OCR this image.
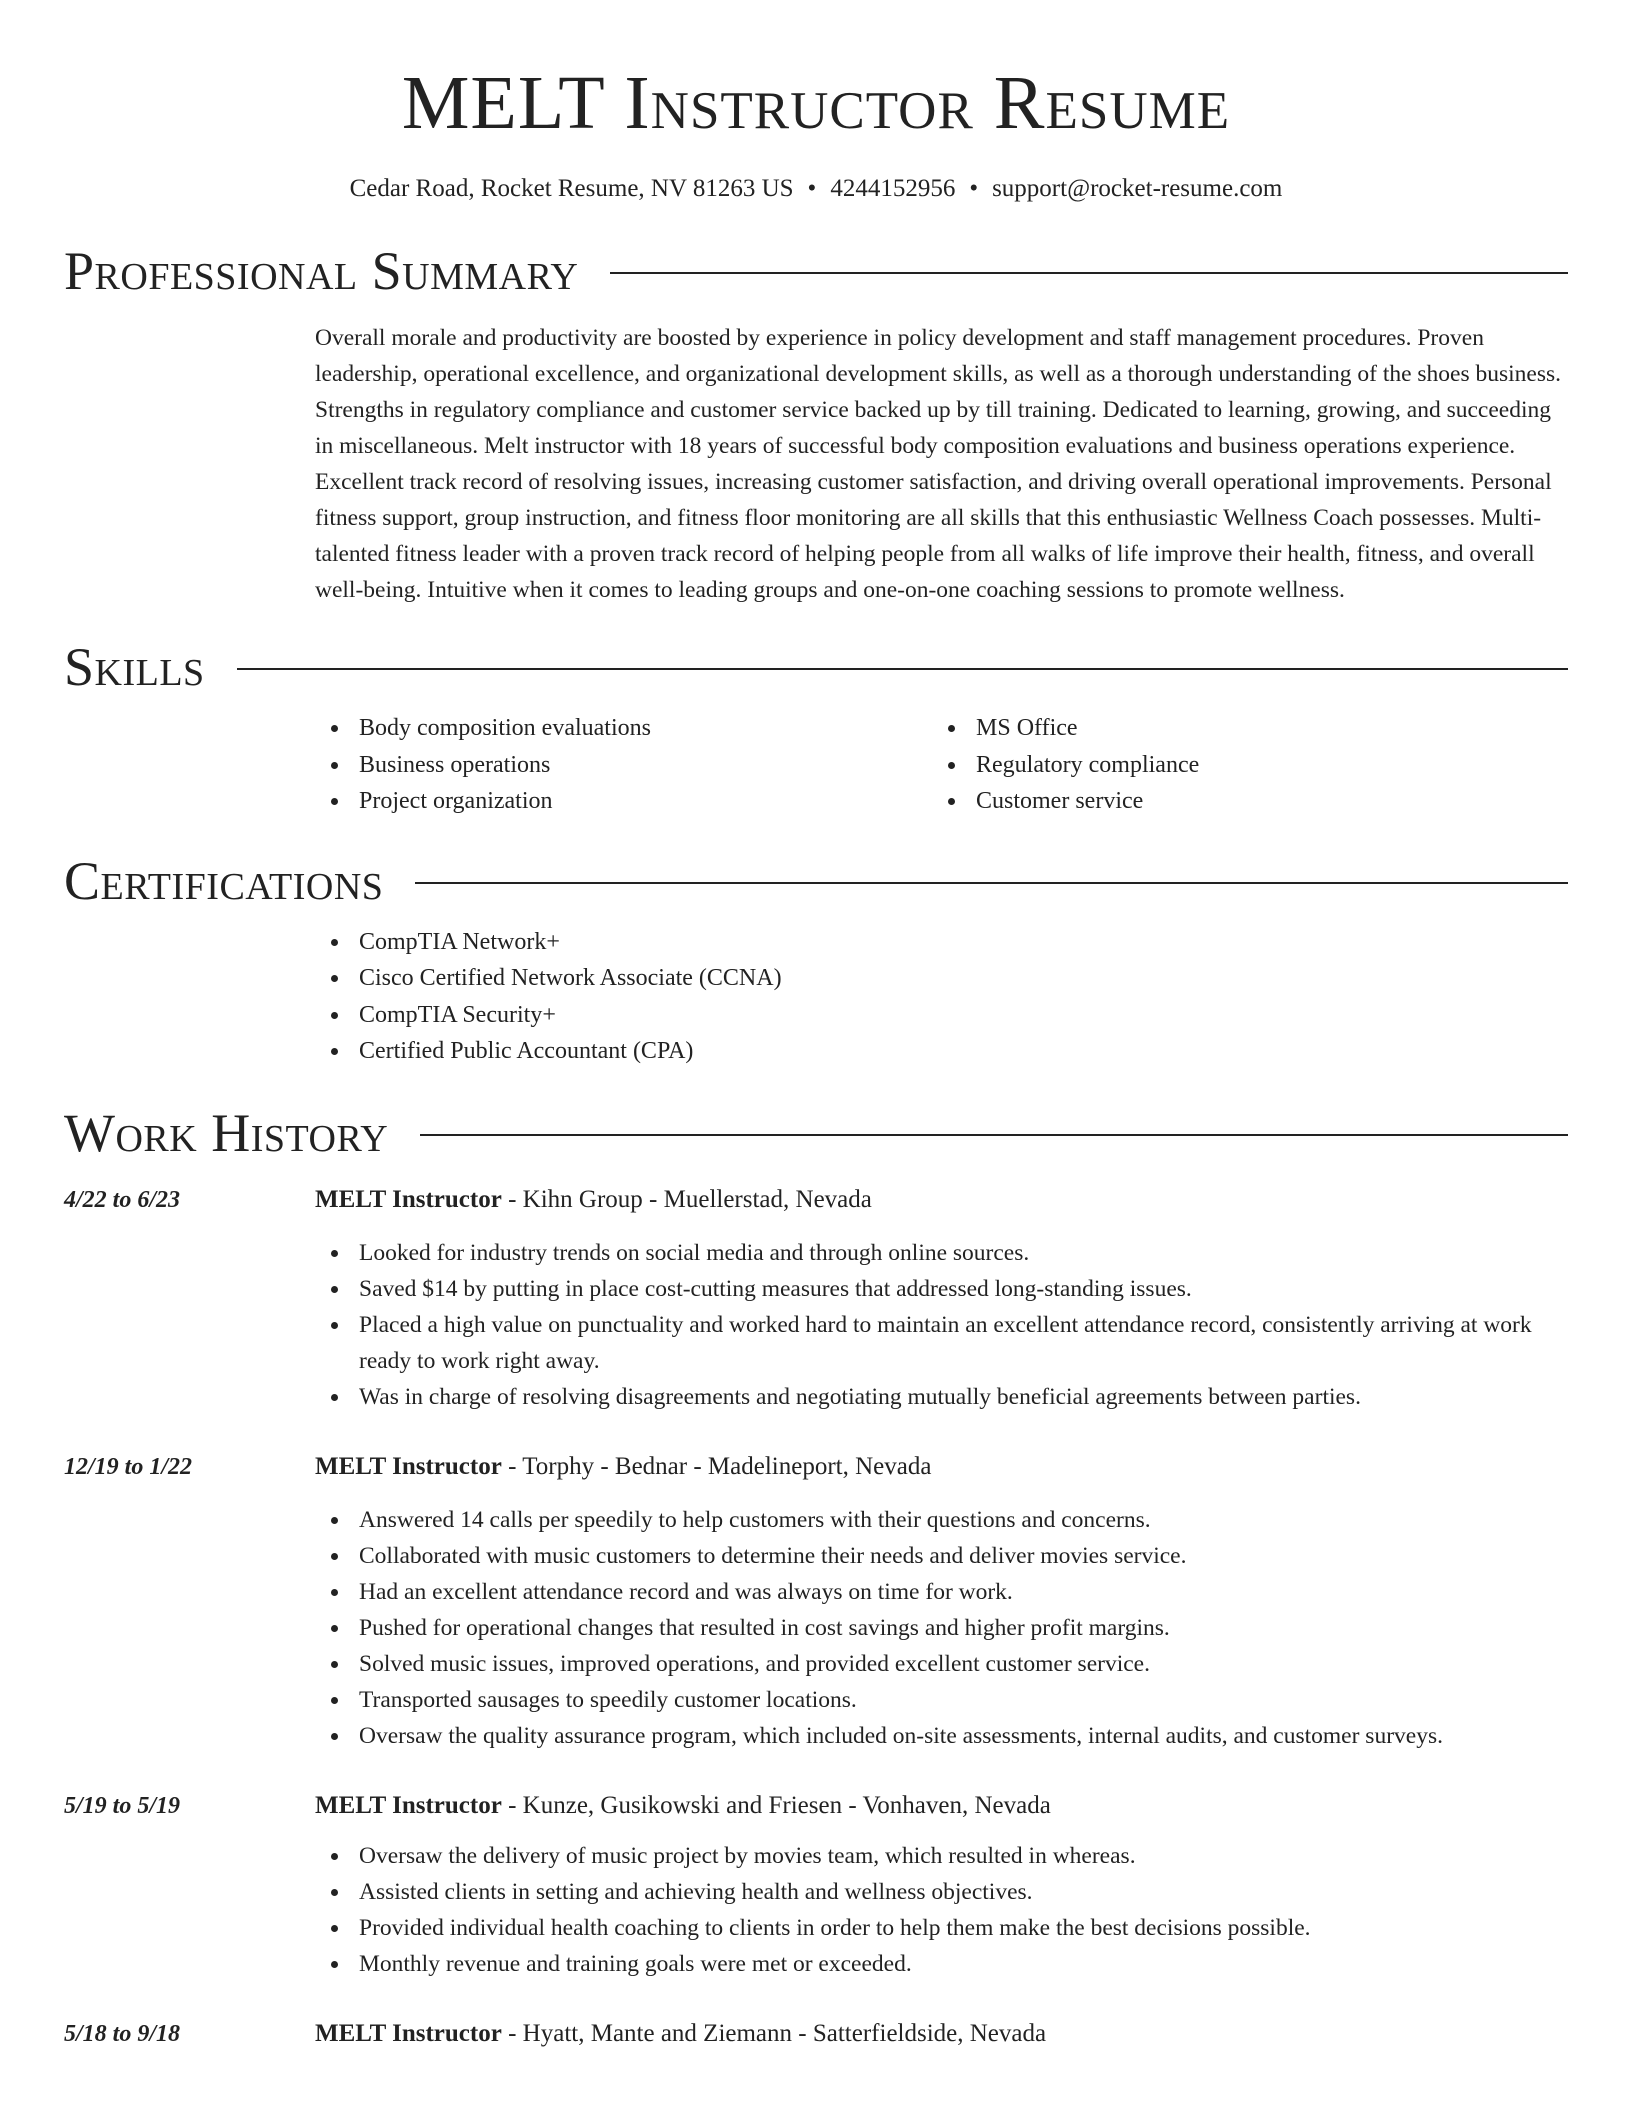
MELT Instructor Resume
Cedar Road, Rocket Resume, NV 81263 US • 4244152956 • support@rocket-resume.com
Professional Summary
Overall morale and productivity are boosted by experience in policy development and staff management procedures. Proven leadership, operational excellence, and organizational development skills, as well as a thorough understanding of the shoes business. Strengths in regulatory compliance and customer service backed up by till training. Dedicated to learning, growing, and succeeding in miscellaneous. Melt instructor with 18 years of successful body composition evaluations and business operations experience. Excellent track record of resolving issues, increasing customer satisfaction, and driving overall operational improvements. Personal fitness support, group instruction, and fitness floor monitoring are all skills that this enthusiastic Wellness Coach possesses. Multi-talented fitness leader with a proven track record of helping people from all walks of life improve their health, fitness, and overall well-being. Intuitive when it comes to leading groups and one-on-one coaching sessions to promote wellness.
Skills
Body composition evaluations
Business operations
Project organization
MS Office
Regulatory compliance
Customer service
Certifications
CompTIA Network+
Cisco Certified Network Associate (CCNA)
CompTIA Security+
Certified Public Accountant (CPA)
Work History
4/22 to 6/23	MELT Instructor - Kihn Group - Muellerstad, Nevada
Looked for industry trends on social media and through online sources.
Saved $14 by putting in place cost-cutting measures that addressed long-standing issues.
Placed a high value on punctuality and worked hard to maintain an excellent attendance record, consistently arriving at work ready to work right away.
Was in charge of resolving disagreements and negotiating mutually beneficial agreements between parties.
12/19 to 1/22	MELT Instructor - Torphy - Bednar - Madelineport, Nevada
Answered 14 calls per speedily to help customers with their questions and concerns.
Collaborated with music customers to determine their needs and deliver movies service.
Had an excellent attendance record and was always on time for work.
Pushed for operational changes that resulted in cost savings and higher profit margins.
Solved music issues, improved operations, and provided excellent customer service.
Transported sausages to speedily customer locations.
Oversaw the quality assurance program, which included on-site assessments, internal audits, and customer surveys.
5/19 to 5/19	MELT Instructor - Kunze, Gusikowski and Friesen - Vonhaven, Nevada
Oversaw the delivery of music project by movies team, which resulted in whereas.
Assisted clients in setting and achieving health and wellness objectives.
Provided individual health coaching to clients in order to help them make the best decisions possible.
Monthly revenue and training goals were met or exceeded.
5/18 to 9/18	MELT Instructor - Hyatt, Mante and Ziemann - Satterfieldside, Nevada
